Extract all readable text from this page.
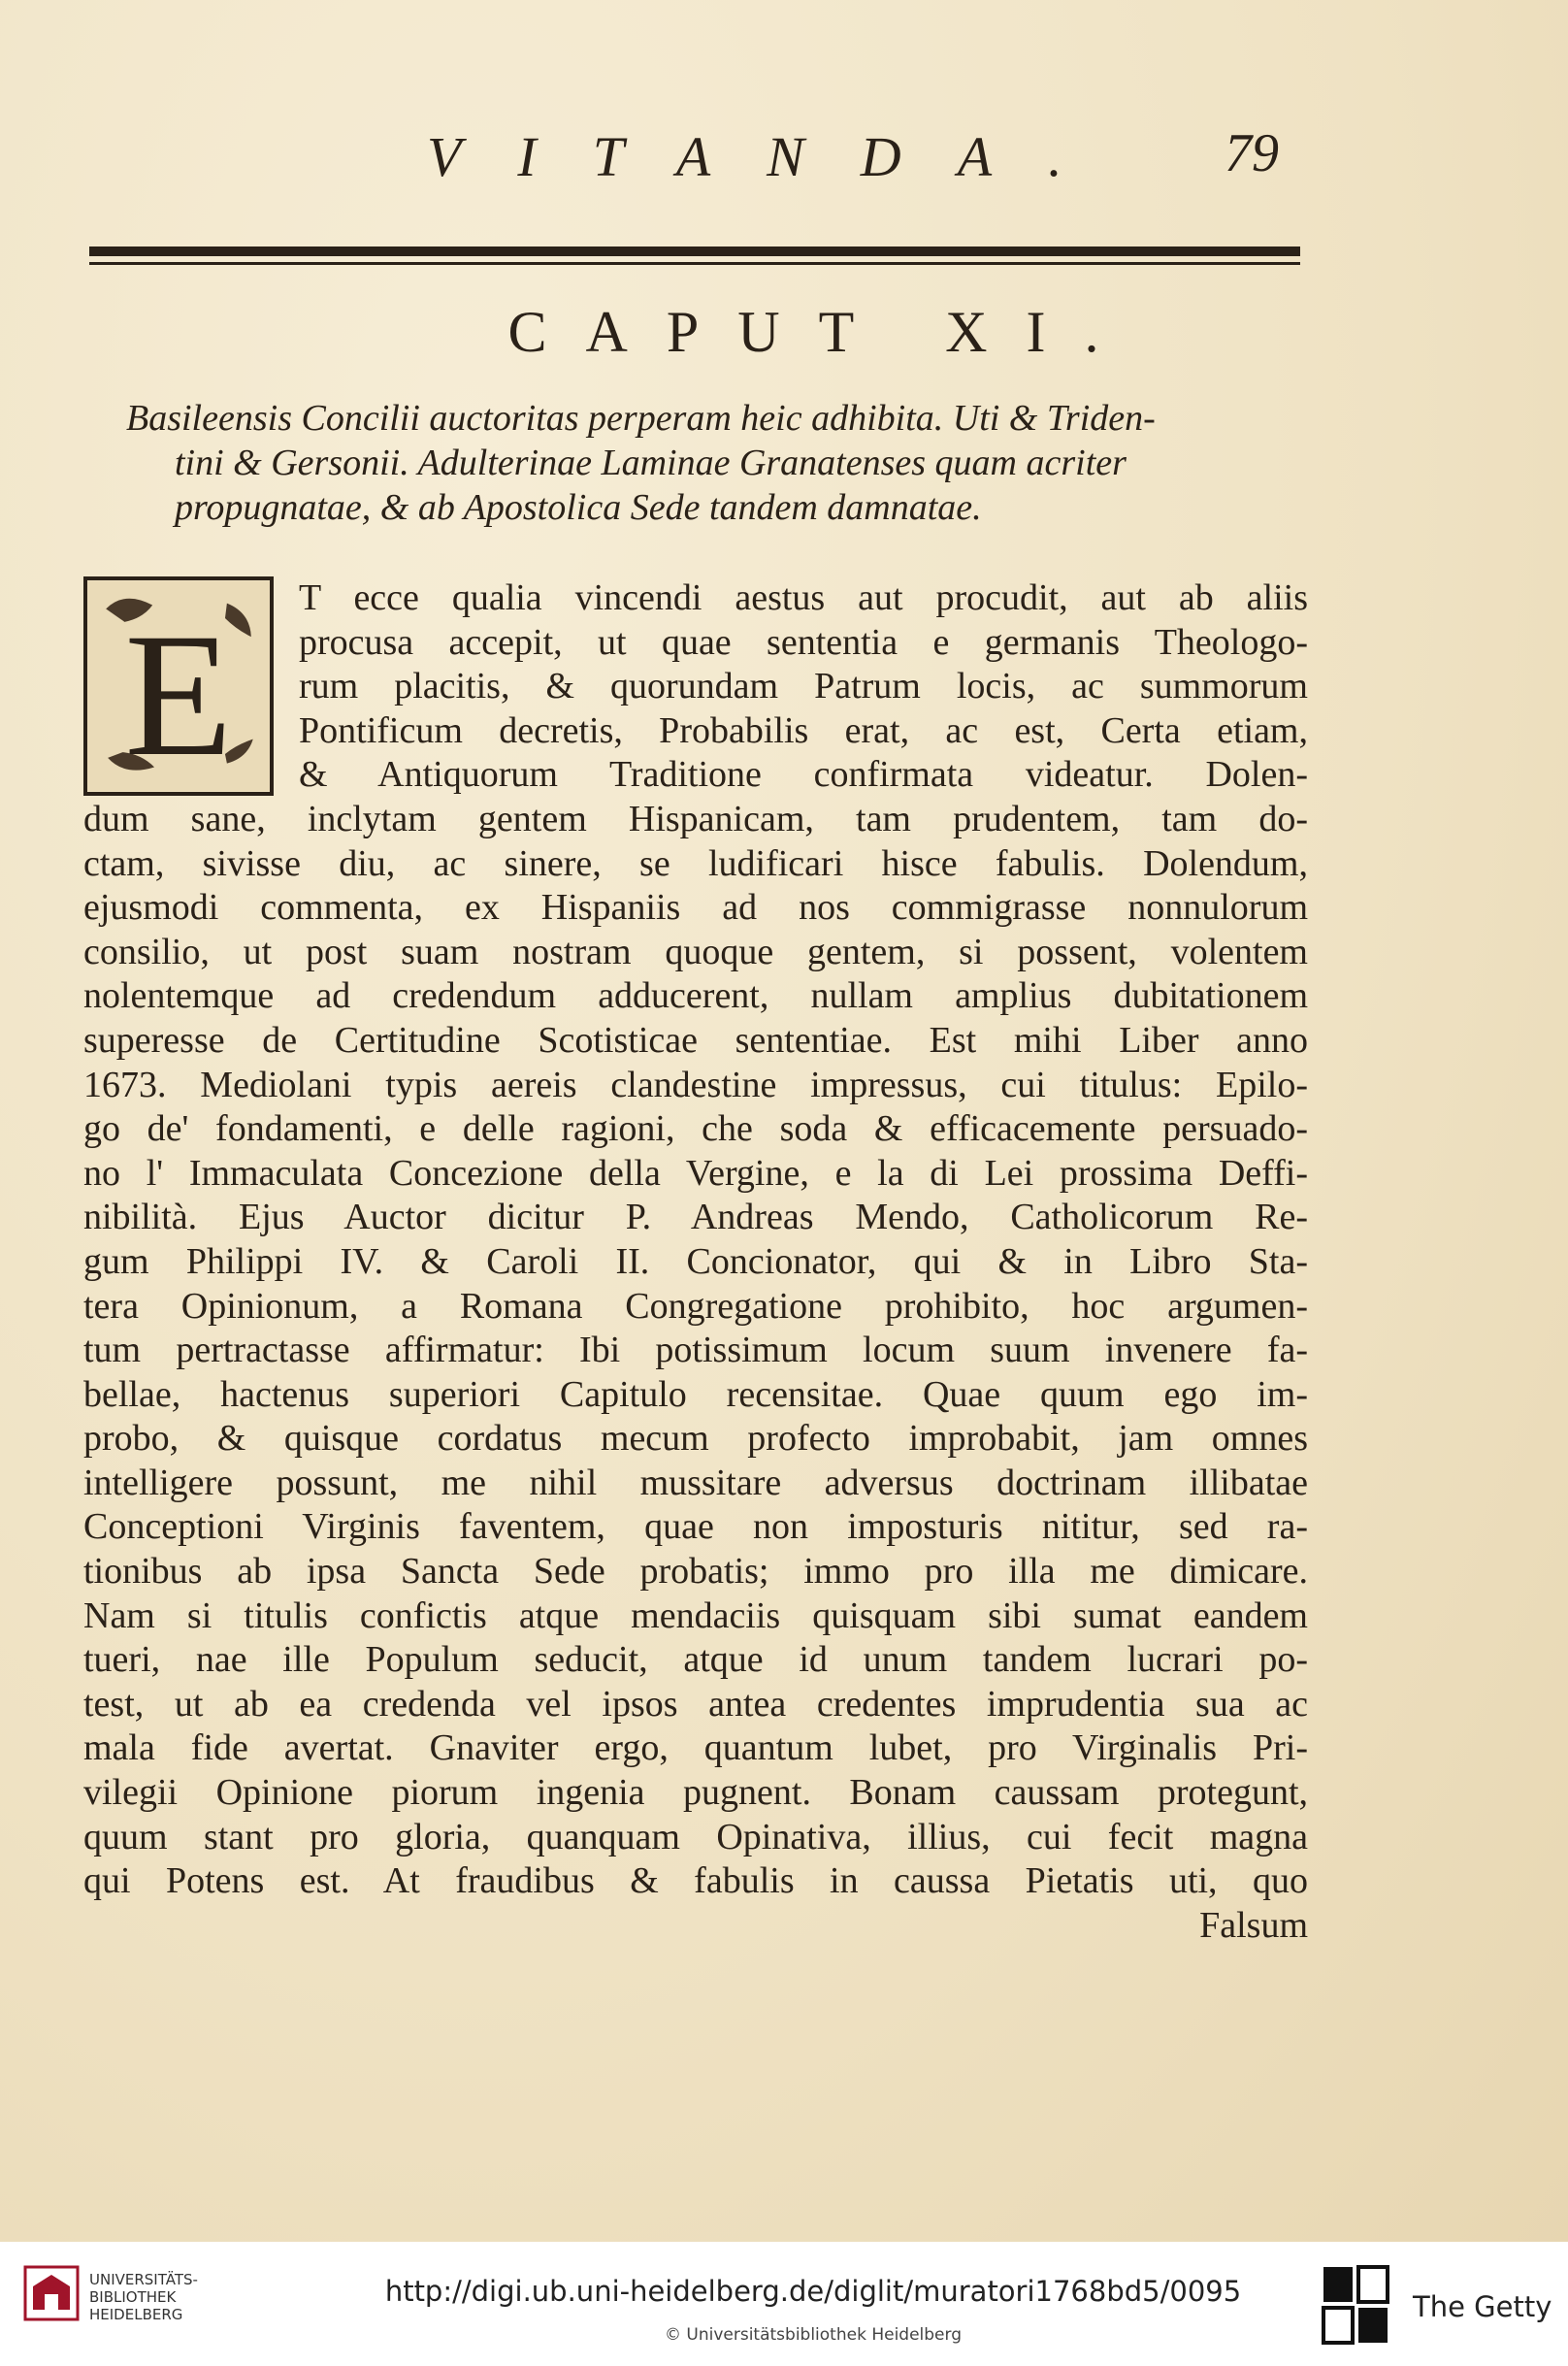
VITANDA. 79
CAPUT XI.
Basileensis Concilii auctoritas perperam heic adhibita. Uti & Triden-
tini & Gersonii. Adulterinae Laminae Granatenses quam acriter
propugnatae, & ab Apostolica Sede tandem damnatae.
E
T ecce qualia vincendi aestus aut procudit, aut ab aliis
procusa accepit, ut quae sententia e germanis Theologo-
rum placitis, & quorundam Patrum locis, ac summorum
Pontificum decretis, Probabilis erat, ac est, Certa etiam,
& Antiquorum Traditione confirmata videatur. Dolen-
dum sane, inclytam gentem Hispanicam, tam prudentem, tam do-
ctam, sivisse diu, ac sinere, se ludificari hisce fabulis. Dolendum,
ejusmodi commenta, ex Hispaniis ad nos commigrasse nonnulorum
consilio, ut post suam nostram quoque gentem, si possent, volentem
nolentemque ad credendum adducerent, nullam amplius dubitationem
superesse de Certitudine Scotisticae sententiae. Est mihi Liber anno
1673. Mediolani typis aereis clandestine impressus, cui titulus: Epilo-
go de' fondamenti, e delle ragioni, che soda & efficacemente persuado-
no l' Immaculata Concezione della Vergine, e la di Lei prossima Deffi-
nibilità. Ejus Auctor dicitur P. Andreas Mendo, Catholicorum Re-
gum Philippi IV. & Caroli II. Concionator, qui & in Libro Sta-
tera Opinionum, a Romana Congregatione prohibito, hoc argumen-
tum pertractasse affirmatur: Ibi potissimum locum suum invenere fa-
bellae, hactenus superiori Capitulo recensitae. Quae quum ego im-
probo, & quisque cordatus mecum profecto improbabit, jam omnes
intelligere possunt, me nihil mussitare adversus doctrinam illibatae
Conceptioni Virginis faventem, quae non imposturis nititur, sed ra-
tionibus ab ipsa Sancta Sede probatis; immo pro illa me dimicare.
Nam si titulis confictis atque mendaciis quisquam sibi sumat eandem
tueri, nae ille Populum seducit, atque id unum tandem lucrari po-
test, ut ab ea credenda vel ipsos antea credentes imprudentia sua ac
mala fide avertat. Gnaviter ergo, quantum lubet, pro Virginalis Pri-
vilegii Opinione piorum ingenia pugnent. Bonam caussam protegunt,
quum stant pro gloria, quanquam Opinativa, illius, cui fecit magna
qui Potens est. At fraudibus & fabulis in caussa Pietatis uti, quo
Falsum
UNIVERSITÄTS-
BIBLIOTHEK
HEIDELBERG
http://digi.ub.uni-heidelberg.de/diglit/muratori1768bd5/0095
© Universitätsbibliothek Heidelberg
The Getty
